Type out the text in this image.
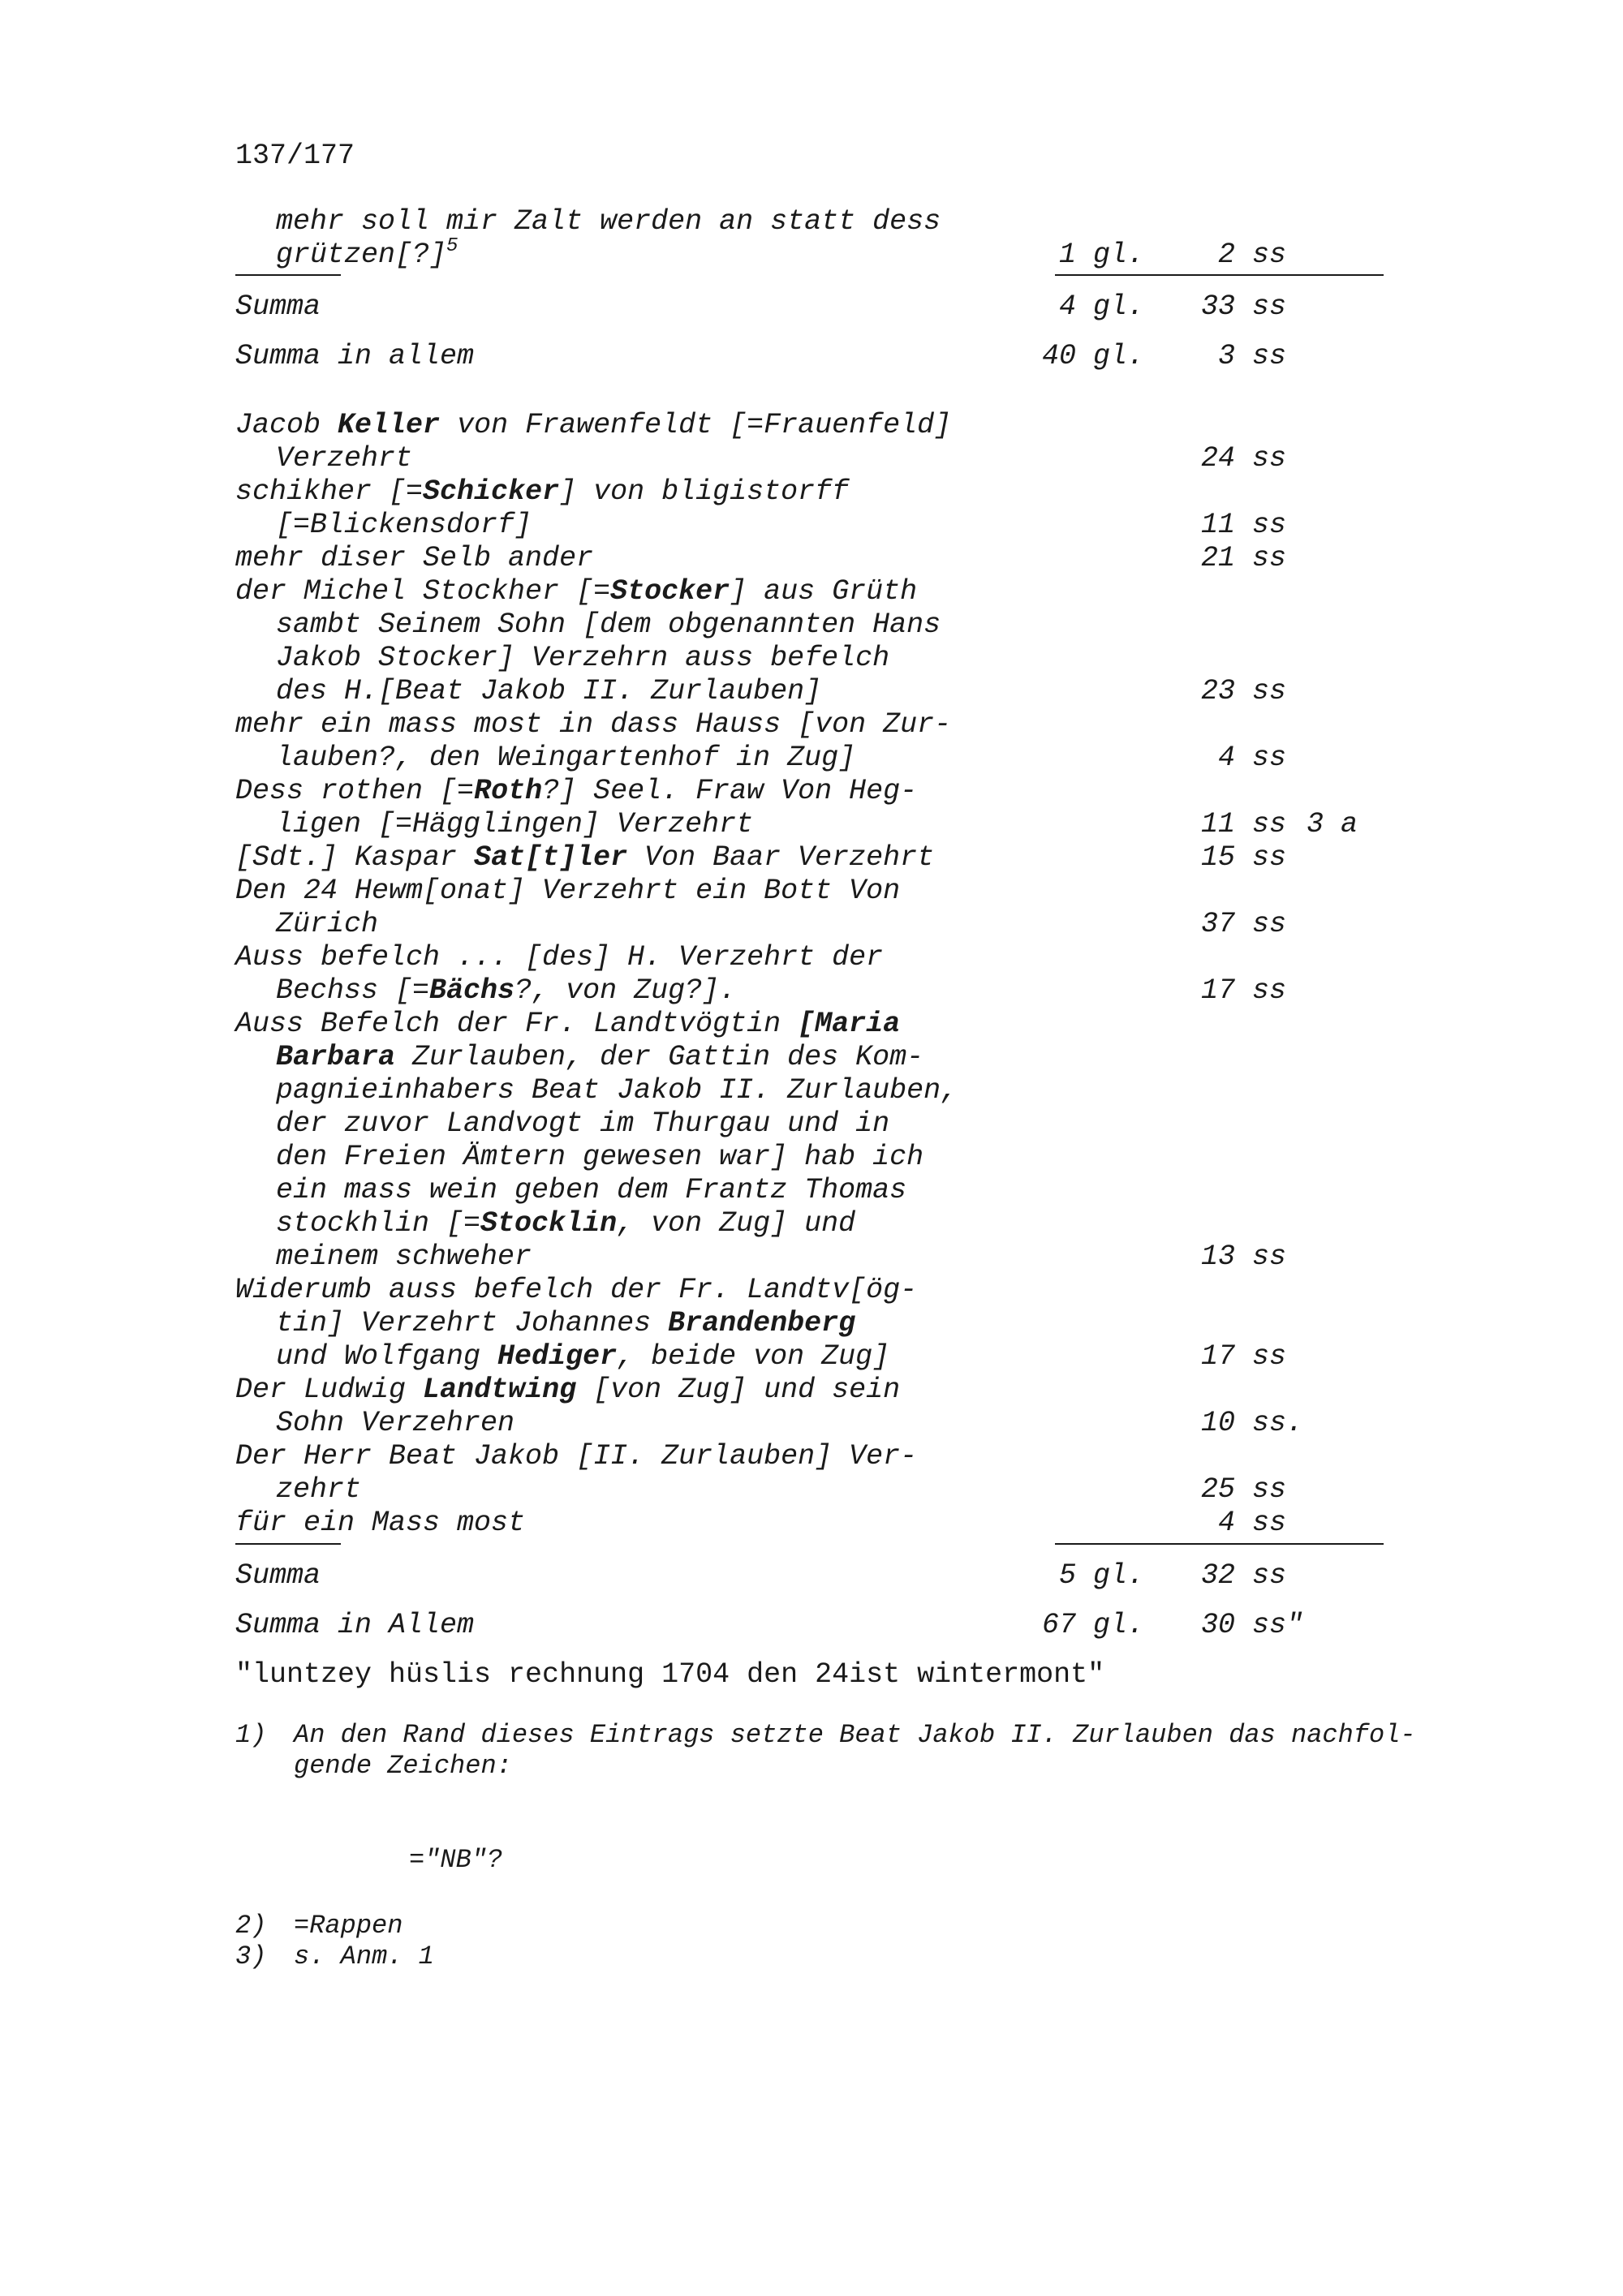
137/177
mehr soll mir Zalt werden an statt dess
grützen[?]$^5$	1 gl.	2 ss
Summa	4 gl.	33 ss
Summa in allem	40 gl.	3 ss
Jacob Keller von Frawenfeldt [=Frauenfeld]
Verzehrt	24 ss
schikher [=Schicker] von bligistorff
[=Blickensdorf]	11 ss
mehr diser Selb ander	21 ss
der Michel Stockher [=Stocker] aus Grüth
sambt Seinem Sohn [dem obgenannten Hans
Jakob Stocker] Verzehrn auss befelch
des H.[Beat Jakob II. Zurlauben]	23 ss
mehr ein mass most in dass Hauss [von Zur-
lauben?, den Weingartenhof in Zug]	4 ss
Dess rothen [=Roth?] Seel. Fraw Von Heg-
ligen [=Hägglingen] Verzehrt	11 ss 3 a
[Sdt.] Kaspar Sat[t]ler Von Baar Verzehrt	15 ss
Den 24 Hewm[onat] Verzehrt ein Bott Von
Zürich	37 ss
Auss befelch ... [des] H. Verzehrt der
Bechss [=Bächs?, von Zug?].	17 ss
Auss Befelch der Fr. Landtvögtin [Maria
Barbara Zurlauben, der Gattin des Kom-
pagnieinhabers Beat Jakob II. Zurlauben,
der zuvor Landvogt im Thurgau und in
den Freien Ämtern gewesen war] hab ich
ein mass wein geben dem Frantz Thomas
stockhlin [=Stocklin, von Zug] und
meinem schweher	13 ss
Widerumb auss befelch der Fr. Landtv[ög-
tin] Verzehrt Johannes Brandenberg
und Wolfgang Hediger, beide von Zug]	17 ss
Der Ludwig Landtwing [von Zug] und sein
Sohn Verzehren	10 ss.
Der Herr Beat Jakob [II. Zurlauben] Ver-
zehrt	25 ss
für ein Mass most	4 ss
Summa	5 gl.	32 ss
Summa in Allem	67 gl.	30 ss"
"luntzey hüslis rechnung 1704 den 24ist wintermont"
1) An den Rand dieses Eintrags setzte Beat Jakob II. Zurlauben das nachfol-
gende Zeichen:
="NB"?
2) =Rappen
3) s. Anm. 1
